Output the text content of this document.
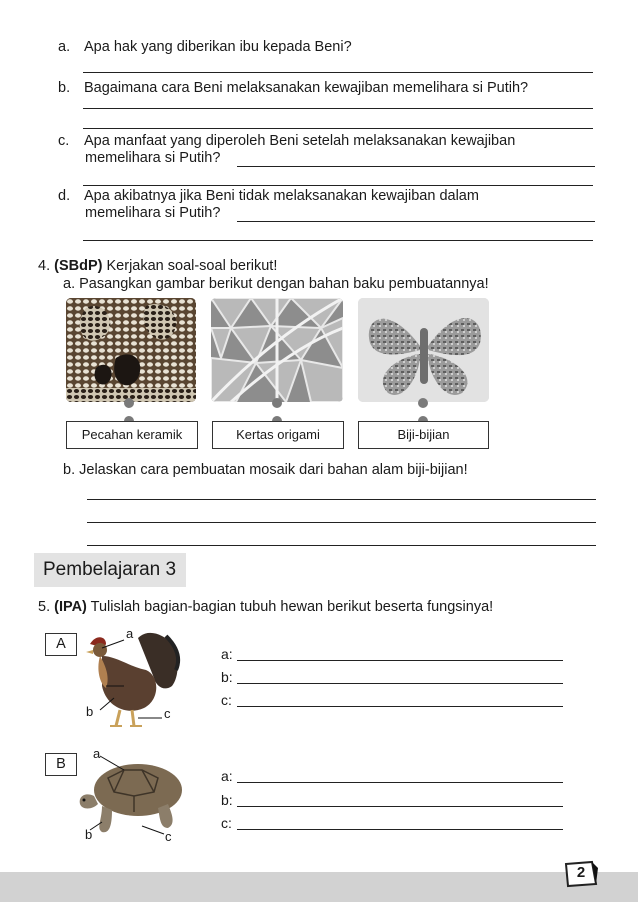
a. Apa hak yang diberikan ibu kepada Beni?
b. Bagaimana cara Beni melaksanakan kewajiban memelihara si Putih?
c. Apa manfaat yang diperoleh Beni setelah melaksanakan kewajiban
memelihara si Putih?
d. Apa akibatnya jika Beni tidak melaksanakan kewajiban dalam
memelihara si Putih?
4. (SBdP) Kerjakan soal-soal berikut!
a. Pasangkan gambar berikut dengan bahan baku pembuatannya!
Pecahan keramik	Kertas origami	Biji-bijian
b. Jelaskan cara pembuatan mosaik dari bahan alam biji-bijian!
Pembelajaran 3
5. (IPA) Tulislah bagian-bagian tubuh hewan berikut beserta fungsinya!
A
a
b	c
a:
b:
c:
B
a
b	c
a:
b:
c:
2
